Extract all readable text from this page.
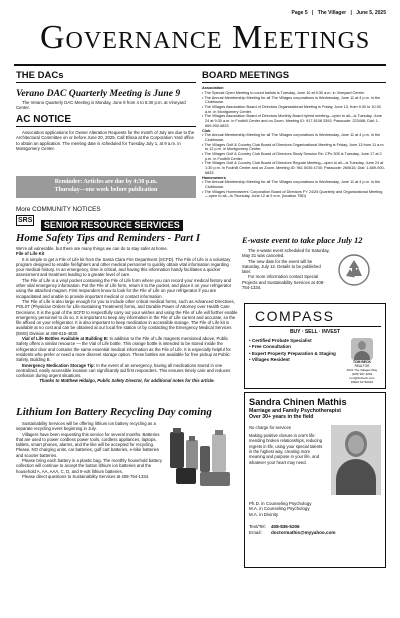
Page 5 | The Villager | June 5, 2025
Governance Meetings
THE DACs
Verano DAC Quarterly Meeting is June 9
The Verano Quarterly DAC Meeting is Monday, June 9 from 4 to 5:30 p.m. at Vineyard Center.
AC NOTICE
Association applications for Owner Alteration Requests for the month of July are due to the Architectural Committee on or before June 20, 2025. Call Elissa at the Corporation Yard office to obtain an application. The meeting date is scheduled for Tuesday July 1, at 9 a.m. in Montgomery Center.
Reminder: Articles are due by 4:30 p.m.
Thursday—one week before publication
More COMMUNITY NOTICES
SRS SENIOR RESOURCE SERVICES
BOARD MEETINGS
Association
• The Special Open Meeting to count ballots is Tuesday, June 10 at 9:30 a.m. in Vineyard Center.
• The Annual Membership Meeting for all The Villages corporations is Wednesday, June 11 at 4 p.m. in the Clubhouse.
• The Villages Association Board of Directors Organizational Meeting is Friday, June 13, from 9:30 to 10:30 a.m. in Montgomery Center.
• The Villages Association Board of Directors Monthly Board hybrid meeting—open to all—is Tuesday, June 24 at 9:30 a.m. in Foothill Center and on Zoom. Meeting ID: 917 8108 3392; Passcode: 223468; Dial: 1-669-900-6833
Club
• The Annual Membership Meeting for all The Villages corporations is Wednesday, June 11 at 4 p.m. in the Clubhouse.
• The Villages Golf & Country Club Board of Directors Organizational Meeting is Friday, June 13 from 11 a.m. to 12 p.m. in Montgomery Center.
• The Villages Golf & Country Club Board of Directors Study Session Re: CPo 305 is Tuesday, June 17 at 2 p.m. in Foothill Center.
• The Villages Golf & Country Club Board of Directors Regular Meeting—open to all—is Tuesday, June 24 at 1:30 p.m. in Foothill Center and on Zoom. Meeting ID: 961 5036 4740; Passcode: 260616; Dial: 1-669-900-6833
Homeowners
• The Annual Membership Meeting for all The Villages corporations is Wednesday, June 11 at 4 p.m. in the Clubhouse.
• The Villages Homeowners' Corporation Board of Directors FY 24/25 Quarterly and Organizational Meeting—open to all—is Thursday, June 12 at 9 a.m. (location TBD)
Home Safety Tips and Reminders - Part I
We're all vulnerable, but there are many things we can do to stay safer at home.
File of Life Kit
It is simple to get a File of Life kit from the Santa Clara Fire Department (SCFD). The File of Life is a voluntary program designed to enable firefighters and other medical personnel to quickly obtain vital information regarding your medical history. In an emergency, time is critical, and having this information handy facilitates a quicker assessment and treatment leading to a greater level of care.
The File of Life is a vinyl pocket containing the File of Life form where you can record your medical history and other vital emergency information. Put the File of Life form, return it to the pocket, and place it on your refrigerator using the attached magnet. First responders know to look for the File of Life on your refrigerator if you are incapacitated and unable to provide important medical or contact information.
The File of Life is also large enough for you to include other critical medical forms, such as Advanced Directives, POLST (Physician Orders for Life-Sustaining Treatment) forms, and Durable Power of Attorney over Health Care Decisions. It is the goal of the SCFD to respectfully carry out your wishes and using the File of Life will further enable emergency personnel to do so. It is important to keep any information in the File of Life current and accurate, so the file affixed on your refrigerator. It is also important to keep medication in accessible storage. The File of Life kit is available at no cost and can be obtained at our local fire station or by contacting the Emergency Medical Services (EMS) Division at 408-615-4830.
Vial of Life Bottles Available at Building B: In addition to the File of Life magnets mentioned above, Public Safety offers a similar resource — the Vial of Life bottle. This orange bottle is intended to be stored inside the refrigerator door and contains the same essential medical information as the File of Life. It is especially helpful for residents who prefer or need a more discreet storage option. These bottles are available for free pickup at Public Safety, Building B.
Emergency Medication Storage Tip: In the event of an emergency, having all medications stored in one centralized, easily accessible location can significantly aid first responders. This ensures timely care and reduces confusion during urgent situations.
Thanks to Matthew Hidalgo, Public Safety Director, for additional notes for this article.
E-waste event to take place July 12
The e-waste event scheduled for Saturday, May 31 was canceled.
The new date for the event will be Saturday, July 12. Details to be published later.
For more information contact Special Projects and Sustainability Services at 408-754-1334.
COMPASS
BUY · SELL · INVEST
• Certified Probate Specialist
• Free Consultation
• Expert Property Preparation & Staging
• Villages Resident	TOM BECK
REALTOR
2021 The Villages Way
(408) 997-3269
tom@tbcbeck.com
DRE# 01762924
Lithium Ion Battery Recycling Day coming
Sustainability Services will be offering lithium ion battery recycling as a separate recycling event beginning in July.
Villagers have been requesting this service for several months. Batteries that are used to power cordless power tools, cordless appliances, laptops, tablets, smart phones, alarms, and the like will be accepted for recycling. Please, NO charging units, car batteries, golf cart batteries, e-bike batteries and scooter batteries.
Please bring each battery in a plastic bag. The monthly household battery collection will continue to accept the button lithium ion batteries and the household A, AA, AAA, C, D, and 9-volt lithium batteries.
Please direct questions to Sustainability Services at 408-754-1334.
Sandra Chinen Mathis
Marriage and Family Psychotherapist
Over 30+ years in the field
No charge for services
Making positive closure in one's life: mending broken relationships, reducing regrets in life, using your special talents in the highest way, creating more meaning and purpose in your life, and whatever your heart may need.
Ph.D. in Counseling Psychology
M.A. in Counseling Psychology
M.A. in Divinity
Text/Tel: 408-836-5206
Email: doctormathis@myyahoo.com
